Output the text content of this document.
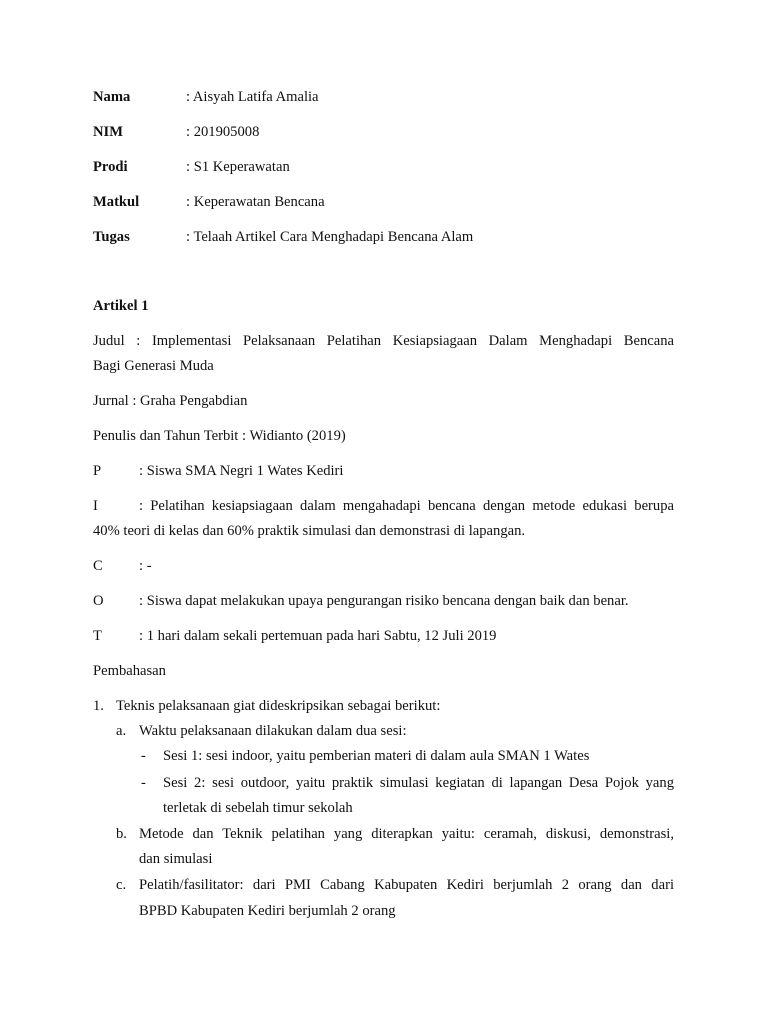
Nama	: Aisyah Latifa Amalia
NIM	: 201905008
Prodi	: S1 Keperawatan
Matkul	: Keperawatan Bencana
Tugas	: Telaah Artikel Cara Menghadapi Bencana Alam
Artikel 1
Judul : Implementasi Pelaksanaan Pelatihan Kesiapsiagaan Dalam Menghadapi Bencana
Bagi Generasi Muda
Jurnal : Graha Pengabdian
Penulis dan Tahun Terbit : Widianto (2019)
P	: Siswa SMA Negri 1 Wates Kediri
I	: Pelatihan kesiapsiagaan dalam mengahadapi bencana dengan metode edukasi berupa
40% teori di kelas dan 60% praktik simulasi dan demonstrasi di lapangan.
C : -
O : Siswa dapat melakukan upaya pengurangan risiko bencana dengan baik dan benar.
T	: 1 hari dalam sekali pertemuan pada hari Sabtu, 12 Juli 2019
Pembahasan
1. Teknis pelaksanaan giat dideskripsikan sebagai berikut:
a. Waktu pelaksanaan dilakukan dalam dua sesi:
- Sesi 1: sesi indoor, yaitu pemberian materi di dalam aula SMAN 1 Wates
- Sesi 2: sesi outdoor, yaitu praktik simulasi kegiatan di lapangan Desa Pojok yang
terletak di sebelah timur sekolah
b. Metode dan Teknik pelatihan yang diterapkan yaitu: ceramah, diskusi, demonstrasi,
dan simulasi
c. Pelatih/fasilitator: dari PMI Cabang Kabupaten Kediri berjumlah 2 orang dan dari
BPBD Kabupaten Kediri berjumlah 2 orang
